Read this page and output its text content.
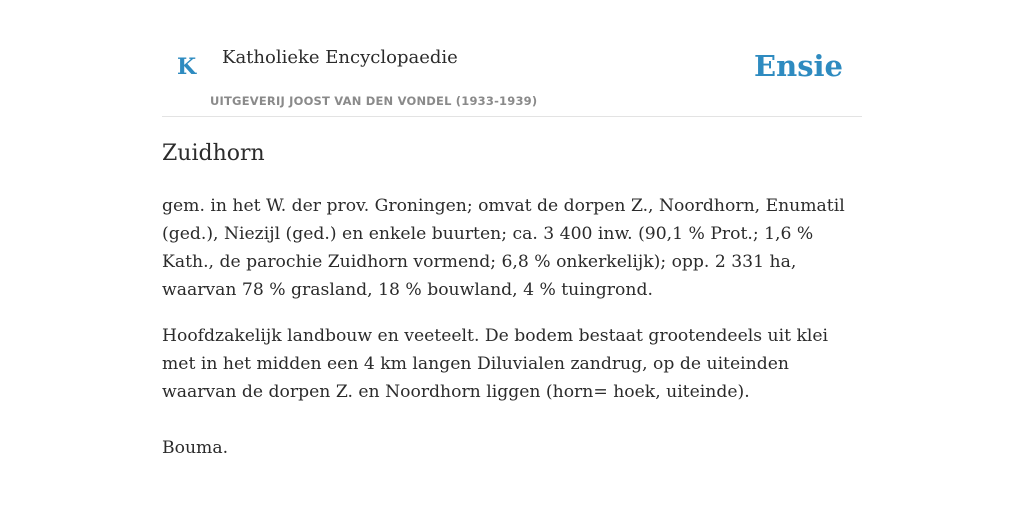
K Katholieke Encyclopaedie
UITGEVERIJ JOOST VAN DEN VONDEL (1933-1939)
Ensie
Zuidhorn

gem. in het W. der prov. Groningen; omvat de dorpen Z., Noordhorn, Enumatil (ged.), Niezijl (ged.) en enkele buurten; ca. 3 400 inw. (90,1 % Prot.; 1,6 % Kath., de parochie Zuidhorn vormend; 6,8 % onkerkelijk); opp. 2 331 ha, waarvan 78 % grasland, 18 % bouwland, 4 % tuingrond.

Hoofdzakelijk landbouw en veeteelt. De bodem bestaat grootendeels uit klei met in het midden een 4 km langen Diluvialen zandrug, op de uiteinden waarvan de dorpen Z. en Noordhorn liggen (horn= hoek, uiteinde).

Bouma.
